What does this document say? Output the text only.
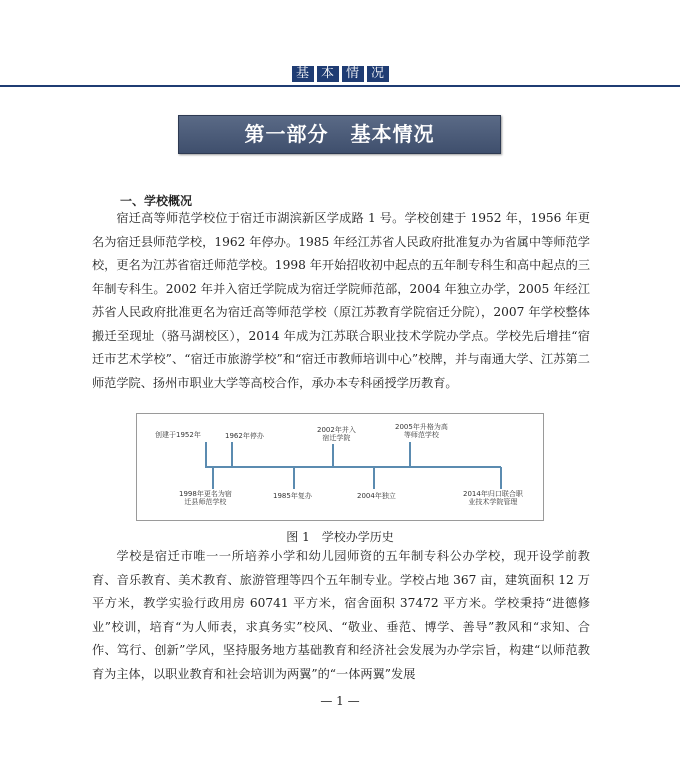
基 本 情 况
第一部分 基本情况
一、学校概况

宿迁高等师范学校位于宿迁市湖滨新区学成路 1 号。学校创建于 1952 年，1956 年更名为宿迁县师范学校，1962 年停办。1985 年经江苏省人民政府批准复办为省属中等师范学校，更名为江苏省宿迁师范学校。1998 年开始招收初中起点的五年制专科生和高中起点的三年制专科生。2002 年并入宿迁学院成为宿迁学院师范部，2004 年独立办学，2005 年经江苏省人民政府批准更名为宿迁高等师范学校（原江苏教育学院宿迁分院），2007 年学校整体搬迁至现址（骆马湖校区），2014 年成为江苏联合职业技术学院办学点。学校先后增挂“宿迁市艺术学校”、“宿迁市旅游学校”和“宿迁市教师培训中心”校牌，并与南通大学、江苏第二师范学院、扬州市职业大学等高校合作，承办本专科函授学历教育。

创建于1952年	1962年停办
2002年并入
宿迁学院
2005年升格为高
等师范学校
1998年更名为宿
迁县师范学校
1985年复办	2004年独立	2014年归口联合职
业技术学院管理
图 1　学校办学历史

学校是宿迁市唯一一所培养小学和幼儿园师资的五年制专科公办学校，现开设学前教育、音乐教育、美术教育、旅游管理等四个五年制专业。学校占地 367 亩，建筑面积 12 万平方米，教学实验行政用房 60741 平方米，宿舍面积 37472 平方米。学校秉持“进德修业”校训，培育“为人师表，求真务实”校风、“敬业、垂范、博学、善导”教风和“求知、合作、笃行、创新”学风，坚持服务地方基础教育和经济社会发展为办学宗旨，构建“以师范教育为主体，以职业教育和社会培训为两翼”的“一体两翼”发展

— 1 —
